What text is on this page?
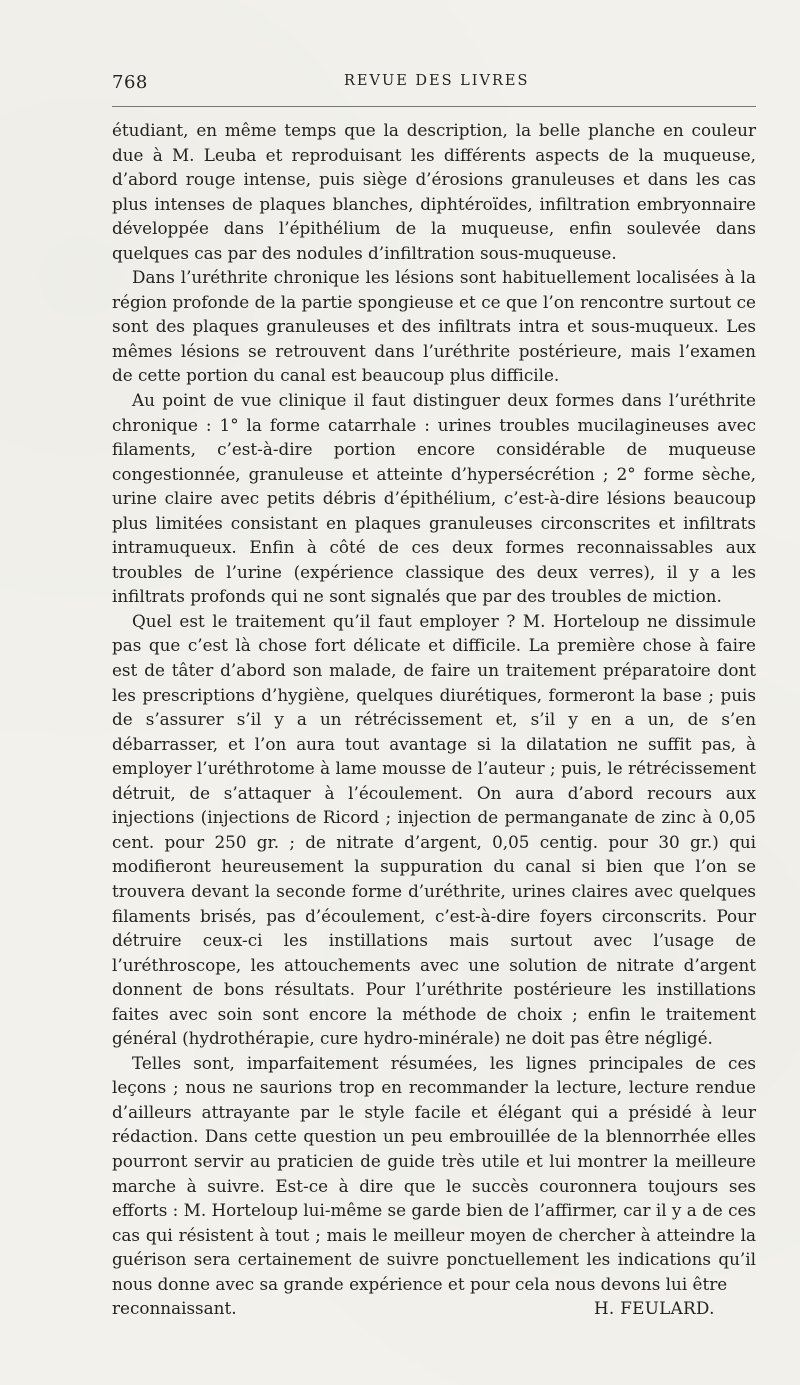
768	REVUE DES LIVRES

étudiant, en même temps que la description, la belle planche en couleur due à M. Leuba et reproduisant les différents aspects de la muqueuse, d’abord rouge intense, puis siège d’érosions granuleuses et dans les cas plus intenses de plaques blanches, diphtéroïdes, infiltration embryonnaire développée dans l’épithélium de la muqueuse, enfin soulevée dans quelques cas par des nodules d’infiltration sous-muqueuse.

Dans l’uréthrite chronique les lésions sont habituellement localisées à la région profonde de la partie spongieuse et ce que l’on rencontre surtout ce sont des plaques granuleuses et des infiltrats intra et sous-muqueux. Les mêmes lésions se retrouvent dans l’uréthrite postérieure, mais l’examen de cette portion du canal est beaucoup plus difficile.

Au point de vue clinique il faut distinguer deux formes dans l’uréthrite chronique : 1° la forme catarrhale : urines troubles mucilagineuses avec filaments, c’est-à-dire portion encore considérable de muqueuse congestionnée, granuleuse et atteinte d’hypersécrétion ; 2° forme sèche, urine claire avec petits débris d’épithélium, c’est-à-dire lésions beaucoup plus limitées consistant en plaques granuleuses circonscrites et infiltrats intramuqueux. Enfin à côté de ces deux formes reconnaissables aux troubles de l’urine (expérience classique des deux verres), il y a les infiltrats profonds qui ne sont signalés que par des troubles de miction.

Quel est le traitement qu’il faut employer ? M. Horteloup ne dissimule pas que c’est là chose fort délicate et difficile. La première chose à faire est de tâter d’abord son malade, de faire un traitement préparatoire dont les prescriptions d’hygiène, quelques diurétiques, formeront la base ; puis de s’assurer s’il y a un rétrécissement et, s’il y en a un, de s’en débarrasser, et l’on aura tout avantage si la dilatation ne suffit pas, à employer l’uréthrotome à lame mousse de l’auteur ; puis, le rétrécissement détruit, de s’attaquer à l’écoulement. On aura d’abord recours aux injections (injections de Ricord ; injection de permanganate de zinc à 0,05 cent. pour 250 gr. ; de nitrate d’argent, 0,05 centig. pour 30 gr.) qui modifieront heureusement la suppuration du canal si bien que l’on se trouvera devant la seconde forme d’uréthrite, urines claires avec quelques filaments brisés, pas d’écoulement, c’est-à-dire foyers circonscrits. Pour détruire ceux-ci les instillations mais surtout avec l’usage de l’uréthroscope, les attouchements avec une solution de nitrate d’argent donnent de bons résultats. Pour l’uréthrite postérieure les instillations faites avec soin sont encore la méthode de choix ; enfin le traitement général (hydrothérapie, cure hydro-minérale) ne doit pas être négligé.

Telles sont, imparfaitement résumées, les lignes principales de ces leçons ; nous ne saurions trop en recommander la lecture, lecture rendue d’ailleurs attrayante par le style facile et élégant qui a présidé à leur rédaction. Dans cette question un peu embrouillée de la blennorrhée elles pourront servir au praticien de guide très utile et lui montrer la meilleure marche à suivre. Est-ce à dire que le succès couronnera toujours ses efforts : M. Horteloup lui-même se garde bien de l’affirmer, car il y a de ces cas qui résistent à tout ; mais le meilleur moyen de chercher à atteindre la guérison sera certainement de suivre ponctuellement les indications qu’il nous donne avec sa grande expérience et pour cela nous devons lui être

reconnaissant.	H. FEULARD.
